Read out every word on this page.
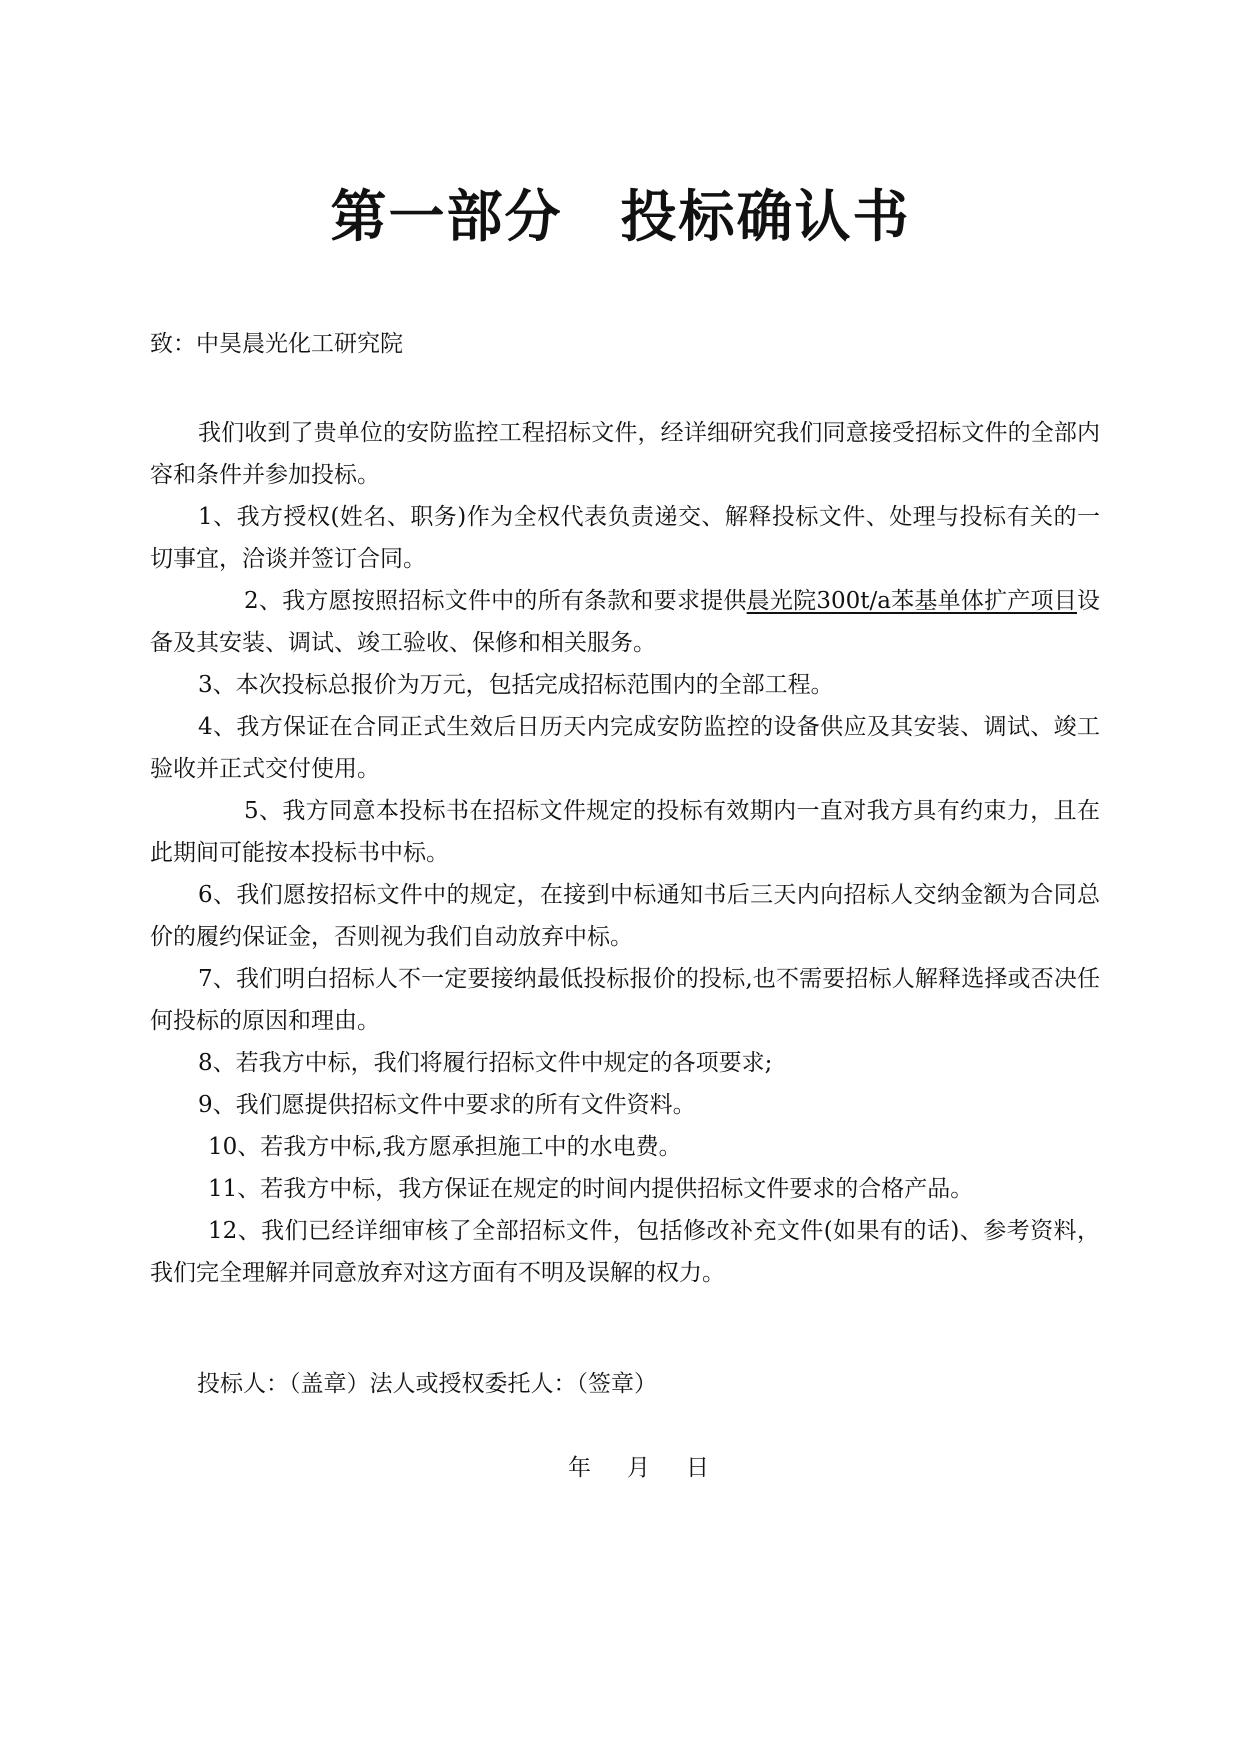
第一部分　投标确认书
致：中昊晨光化工研究院

我们收到了贵单位的安防监控工程招标文件，经详细研究我们同意接受招标文件的全部内容和条件并参加投标。

1、我方授权(姓名、职务)作为全权代表负责递交、解释投标文件、处理与投标有关的一切事宜，洽谈并签订合同。

2、我方愿按照招标文件中的所有条款和要求提供晨光院300t/a苯基单体扩产项目设备及其安装、调试、竣工验收、保修和相关服务。

3、本次投标总报价为万元，包括完成招标范围内的全部工程。

4、我方保证在合同正式生效后日历天内完成安防监控的设备供应及其安装、调试、竣工验收并正式交付使用。

5、我方同意本投标书在招标文件规定的投标有效期内一直对我方具有约束力，且在此期间可能按本投标书中标。

6、我们愿按招标文件中的规定，在接到中标通知书后三天内向招标人交纳金额为合同总价的履约保证金，否则视为我们自动放弃中标。

7、我们明白招标人不一定要接纳最低投标报价的投标,也不需要招标人解释选择或否决任何投标的原因和理由。

8、若我方中标，我们将履行招标文件中规定的各项要求;

9、我们愿提供招标文件中要求的所有文件资料。

10、若我方中标,我方愿承担施工中的水电费。

11、若我方中标，我方保证在规定的时间内提供招标文件要求的合格产品。

12、我们已经详细审核了全部招标文件，包括修改补充文件(如果有的话)、参考资料，我们完全理解并同意放弃对这方面有不明及误解的权力。

投标人：（盖章）法人或授权委托人：（签章）
年 月 日
